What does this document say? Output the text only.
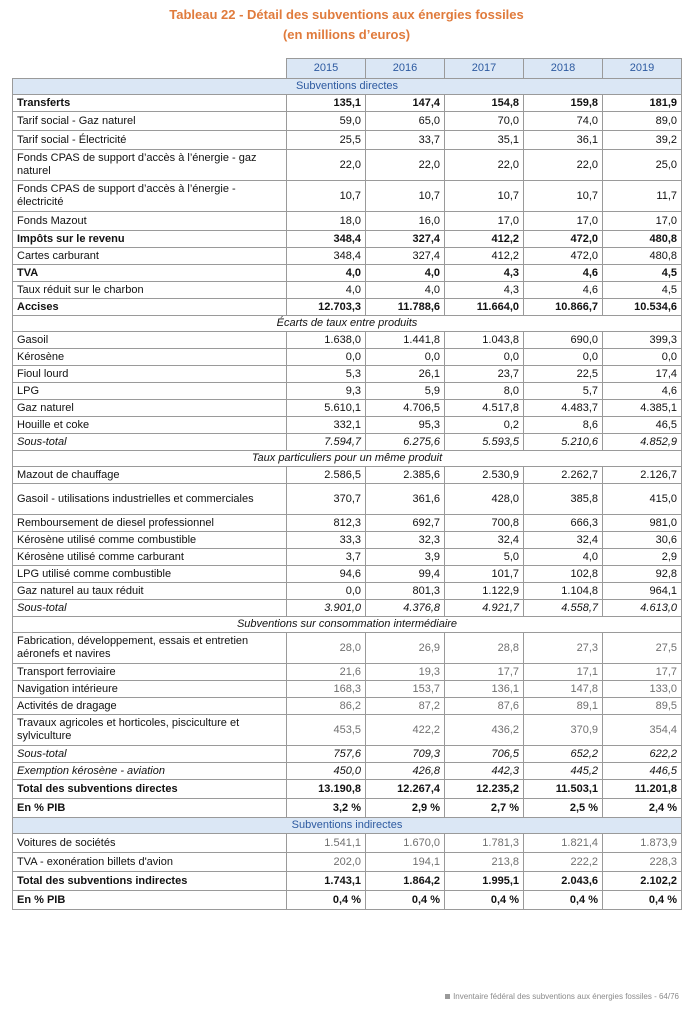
Tableau 22 - Détail des subventions aux énergies fossiles
(en millions d’euros)
	2015	2016	2017	2018	2019
Subventions directes					
Transferts	135,1	147,4	154,8	159,8	181,9
Tarif social - Gaz naturel	59,0	65,0	70,0	74,0	89,0
Tarif social - Électricité	25,5	33,7	35,1	36,1	39,2
Fonds CPAS de support d’accès à l’énergie - gaz naturel	22,0	22,0	22,0	22,0	25,0
Fonds CPAS de support d’accès à l’énergie - électricité	10,7	10,7	10,7	10,7	11,7
Fonds Mazout	18,0	16,0	17,0	17,0	17,0
Impôts sur le revenu	348,4	327,4	412,2	472,0	480,8
Cartes carburant	348,4	327,4	412,2	472,0	480,8
TVA	4,0	4,0	4,3	4,6	4,5
Taux réduit sur le charbon	4,0	4,0	4,3	4,6	4,5
Accises	12.703,3	11.788,6	11.664,0	10.866,7	10.534,6
Écarts de taux entre produits					
Gasoil	1.638,0	1.441,8	1.043,8	690,0	399,3
Kérosène	0,0	0,0	0,0	0,0	0,0
Fioul lourd	5,3	26,1	23,7	22,5	17,4
LPG	9,3	5,9	8,0	5,7	4,6
Gaz naturel	5.610,1	4.706,5	4.517,8	4.483,7	4.385,1
Houille et coke	332,1	95,3	0,2	8,6	46,5
Sous-total	7.594,7	6.275,6	5.593,5	5.210,6	4.852,9
Taux particuliers pour un même produit					
Mazout de chauffage	2.586,5	2.385,6	2.530,9	2.262,7	2.126,7
Gasoil - utilisations industrielles et commerciales	370,7	361,6	428,0	385,8	415,0
Remboursement de diesel professionnel	812,3	692,7	700,8	666,3	981,0
Kérosène utilisé comme combustible	33,3	32,3	32,4	32,4	30,6
Kérosène utilisé comme carburant	3,7	3,9	5,0	4,0	2,9
LPG utilisé comme combustible	94,6	99,4	101,7	102,8	92,8
Gaz naturel au taux réduit	0,0	801,3	1.122,9	1.104,8	964,1
Sous-total	3.901,0	4.376,8	4.921,7	4.558,7	4.613,0
Subventions sur consommation intermédiaire					
Fabrication, développement, essais et entretien aéronefs et navires	28,0	26,9	28,8	27,3	27,5
Transport ferroviaire	21,6	19,3	17,7	17,1	17,7
Navigation intérieure	168,3	153,7	136,1	147,8	133,0
Activités de dragage	86,2	87,2	87,6	89,1	89,5
Travaux agricoles et horticoles, pisciculture et sylviculture	453,5	422,2	436,2	370,9	354,4
Sous-total	757,6	709,3	706,5	652,2	622,2
Exemption kérosène - aviation	450,0	426,8	442,3	445,2	446,5
Total des subventions directes	13.190,8	12.267,4	12.235,2	11.503,1	11.201,8
En % PIB	3,2 %	2,9 %	2,7 %	2,5 %	2,4 %
Subventions indirectes					
Voitures de sociétés	1.541,1	1.670,0	1.781,3	1.821,4	1.873,9
TVA - exonération billets d'avion	202,0	194,1	213,8	222,2	228,3
Total des subventions indirectes	1.743,1	1.864,2	1.995,1	2.043,6	2.102,2
En % PIB	0,4 %	0,4 %	0,4 %	0,4 %	0,4 %
Inventaire fédéral des subventions aux énergies fossiles - 64/76
